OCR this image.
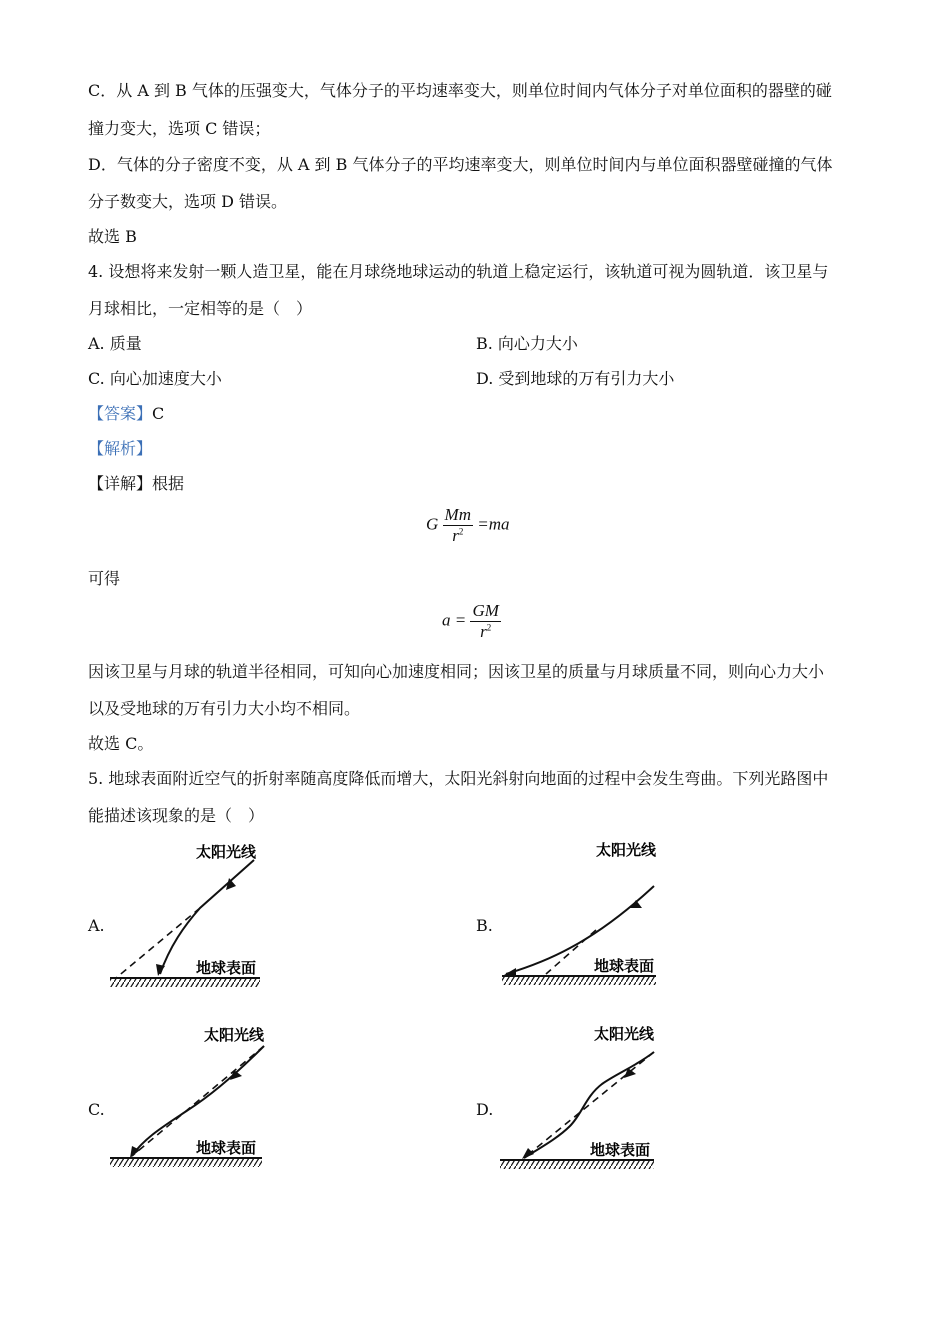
C．从 A 到 B 气体的压强变大，气体分子的平均速率变大，则单位时间内气体分子对单位面积的器壁的碰
撞力变大，选项 C 错误；
D．气体的分子密度不变，从 A 到 B 气体分子的平均速率变大，则单位时间内与单位面积器壁碰撞的气体
分子数变大，选项 D 错误。
故选 B
4. 设想将来发射一颗人造卫星，能在月球绕地球运动的轨道上稳定运行，该轨道可视为圆轨道．该卫星与
月球相比，一定相等的是（　）
A. 质量	B. 向心力大小
C. 向心加速度大小	D. 受到地球的万有引力大小
【答案】C
【解析】
【详解】根据
G $\frac{Mm}{r^2} =ma$
可得
$a = \frac{GM}{r^2}$
因该卫星与月球的轨道半径相同，可知向心加速度相同；因该卫星的质量与月球质量不同，则向心力大小
以及受地球的万有引力大小均不相同。
故选 C。
5. 地球表面附近空气的折射率随高度降低而增大，太阳光斜射向地面的过程中会发生弯曲。下列光路图中
能描述该现象的是（　）
A.	B.
C.	D.
太阳光线
地球表面
太阳光线
地球表面
太阳光线
地球表面
太阳光线
地球表面
